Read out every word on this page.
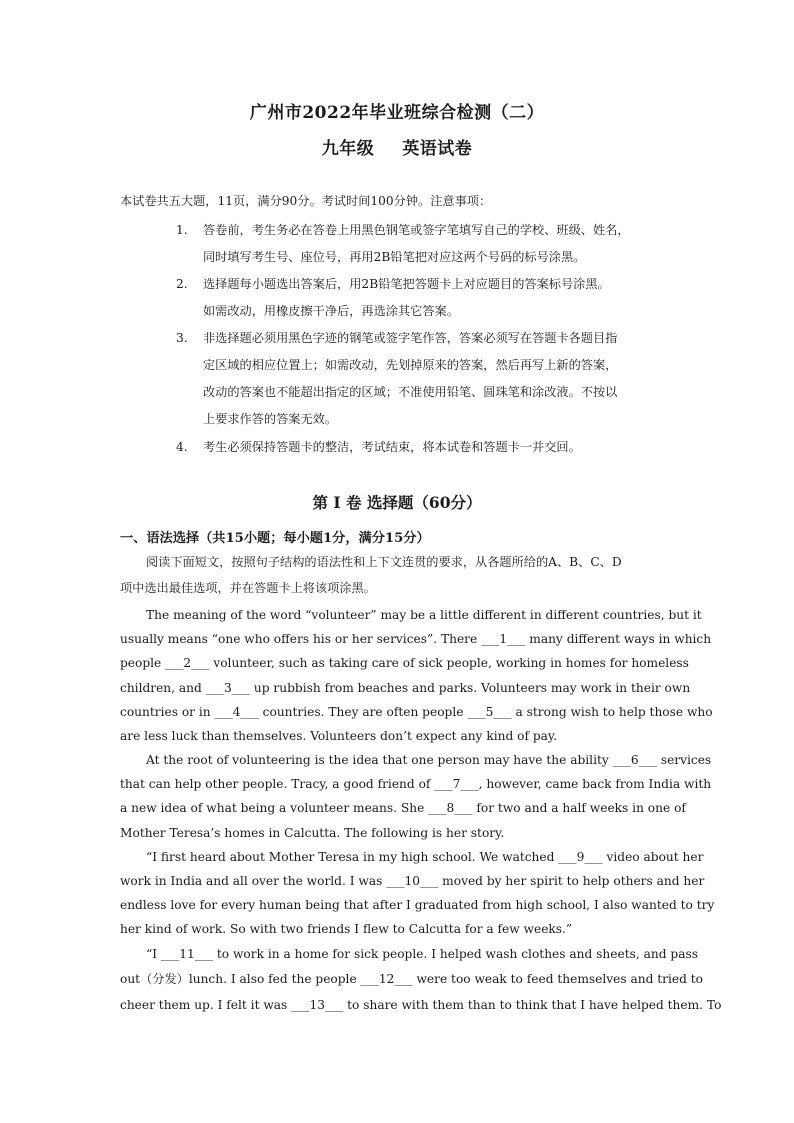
广州市2022年毕业班综合检测（二）
九年级 英语试卷
本试卷共五大题，11页，满分90分。考试时间100分钟。注意事项：
1. 答卷前，考生务必在答卷上用黑色钢笔或签字笔填写自己的学校、班级、姓名，
同时填写考生号、座位号，再用2B铅笔把对应这两个号码的标号涂黑。
2. 选择题每小题选出答案后，用2B铅笔把答题卡上对应题目的答案标号涂黑。
如需改动，用橡皮擦干净后，再选涂其它答案。
3. 非选择题必须用黑色字迹的钢笔或签字笔作答，答案必须写在答题卡各题目指
定区域的相应位置上；如需改动，先划掉原来的答案，然后再写上新的答案，
改动的答案也不能超出指定的区域；不准使用铅笔、圆珠笔和涂改液。不按以
上要求作答的答案无效。
4. 考生必须保持答题卡的整洁，考试结束，将本试卷和答题卡一并交回。
第 Ⅰ 卷 选择题（60分）
一、语法选择（共15小题；每小题1分，满分15分）
阅读下面短文，按照句子结构的语法性和上下文连贯的要求，从各题所给的A、B、C、D
项中选出最佳选项，并在答题卡上将该项涂黑。
The meaning of the word “volunteer” may be a little different in different countries, but it
usually means “one who offers his or her services”. There ___1___ many different ways in which
people ___2___ volunteer, such as taking care of sick people, working in homes for homeless
children, and ___3___ up rubbish from beaches and parks. Volunteers may work in their own
countries or in ___4___ countries. They are often people ___5___ a strong wish to help those who
are less luck than themselves. Volunteers don’t expect any kind of pay.
At the root of volunteering is the idea that one person may have the ability ___6___ services
that can help other people. Tracy, a good friend of ___7___, however, came back from India with
a new idea of what being a volunteer means. She ___8___ for two and a half weeks in one of
Mother Teresa’s homes in Calcutta. The following is her story.
“I first heard about Mother Teresa in my high school. We watched ___9___ video about her
work in India and all over the world. I was ___10___ moved by her spirit to help others and her
endless love for every human being that after I graduated from high school, I also wanted to try
her kind of work. So with two friends I flew to Calcutta for a few weeks.”
“I ___11___ to work in a home for sick people. I helped wash clothes and sheets, and pass
out（分发）lunch. I also fed the people ___12___ were too weak to feed themselves and tried to
cheer them up. I felt it was ___13___ to share with them than to think that I have helped them. To
